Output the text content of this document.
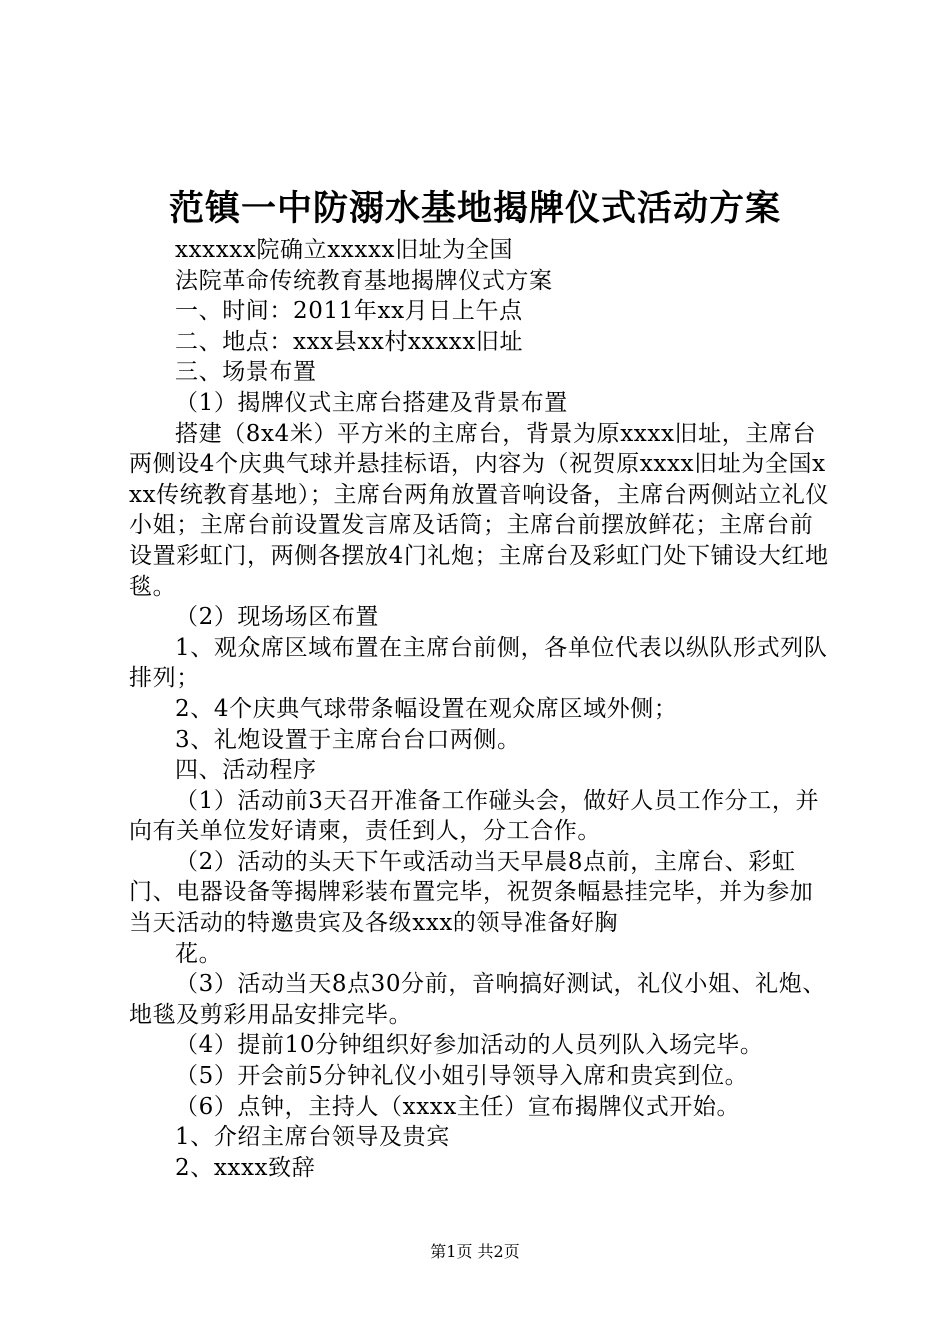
范镇一中防溺水基地揭牌仪式活动方案

xxxxxx院确立xxxxx旧址为全国

法院革命传统教育基地揭牌仪式方案

一、时间：2011年xx月日上午点

二、地点：xxx县xx村xxxxx旧址

三、场景布置

（1）揭牌仪式主席台搭建及背景布置

搭建（8x4米）平方米的主席台，背景为原xxxx旧址，主席台两侧设4个庆典气球并悬挂标语，内容为（祝贺原xxxx旧址为全国xxx传统教育基地）；主席台两角放置音响设备，主席台两侧站立礼仪小姐；主席台前设置发言席及话筒；主席台前摆放鲜花；主席台前设置彩虹门，两侧各摆放4门礼炮；主席台及彩虹门处下铺设大红地毯。

（2）现场场区布置

1、观众席区域布置在主席台前侧，各单位代表以纵队形式列队排列；

2、4个庆典气球带条幅设置在观众席区域外侧；

3、礼炮设置于主席台台口两侧。

四、活动程序

（1）活动前3天召开准备工作碰头会，做好人员工作分工，并向有关单位发好请柬，责任到人，分工合作。

（2）活动的头天下午或活动当天早晨8点前，主席台、彩虹门、电器设备等揭牌彩装布置完毕，祝贺条幅悬挂完毕，并为参加当天活动的特邀贵宾及各级xxx的领导准备好胸

花。

（3）活动当天8点30分前，音响搞好测试，礼仪小姐、礼炮、地毯及剪彩用品安排完毕。

（4）提前10分钟组织好参加活动的人员列队入场完毕。

（5）开会前5分钟礼仪小姐引导领导入席和贵宾到位。

（6）点钟，主持人（xxxx主任）宣布揭牌仪式开始。

1、介绍主席台领导及贵宾

2、xxxx致辞

第1页 共2页
